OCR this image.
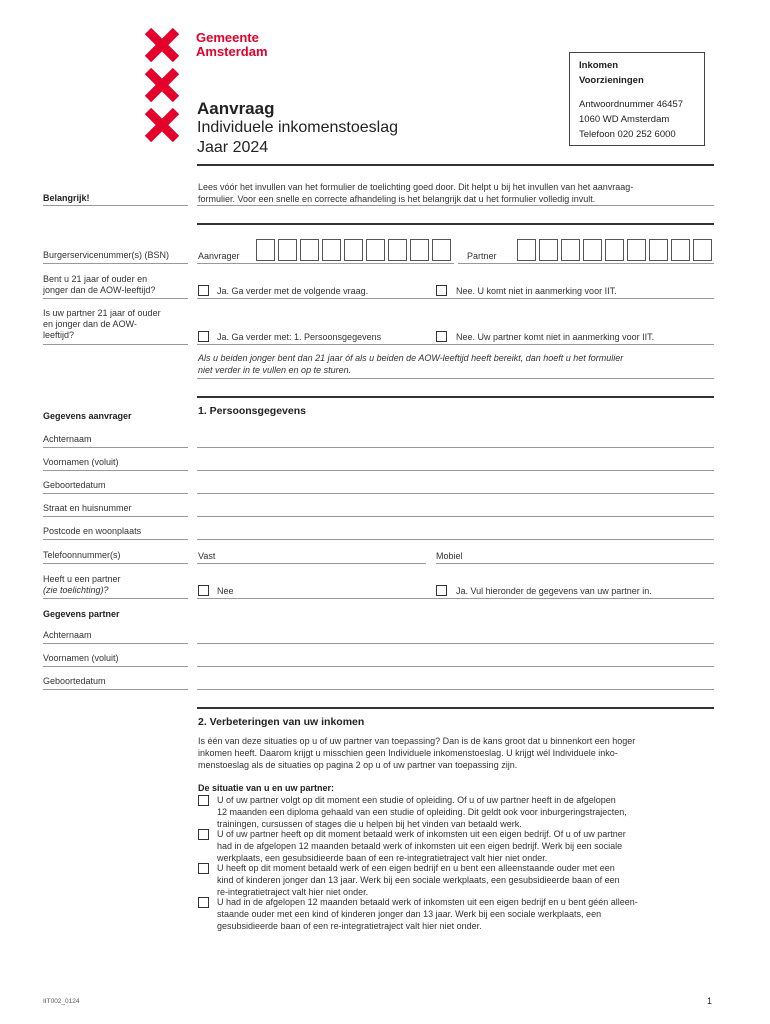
Gemeente
Amsterdam
Aanvraag
Individuele inkomenstoeslag
Jaar 2024
Inkomen
Voorzieningen
Antwoordnummer 46457
1060 WD Amsterdam
Telefoon 020 252 6000
Belangrijk!
Lees vóór het invullen van het formulier de toelichting goed door. Dit helpt u bij het invullen van het aanvraag-
formulier. Voor een snelle en correcte afhandeling is het belangrijk dat u het formulier volledig invult.
Burgerservicenummer(s) (BSN)	Aanvrager	Partner
Bent u 21 jaar of ouder en
jonger dan de AOW-leeftijd?	Ja. Ga verder met de volgende vraag.	Nee. U komt niet in aanmerking voor IIT.
Is uw partner 21 jaar of ouder
en jonger dan de AOW-
leeftijd?	Ja. Ga verder met: 1. Persoonsgegevens	Nee. Uw partner komt niet in aanmerking voor IIT.
Als u beiden jonger bent dan 21 jaar óf als u beiden de AOW-leeftijd heeft bereikt, dan hoeft u het formulier
niet verder in te vullen en op te sturen.
Gegevens aanvrager	1. Persoonsgegevens
Achternaam
Voornamen (voluit)
Geboortedatum
Straat en huisnummer
Postcode en woonplaats
Telefoonnummer(s)	Vast	Mobiel
Heeft u een partner
(zie toelichting)?	Nee	Ja. Vul hieronder de gegevens van uw partner in.
Gegevens partner
Achternaam
Voornamen (voluit)
Geboortedatum
2. Verbeteringen van uw inkomen
Is één van deze situaties op u of uw partner van toepassing? Dan is de kans groot dat u binnenkort een hoger
inkomen heeft. Daarom krijgt u misschien geen Individuele inkomenstoeslag. U krijgt wél Individuele inko-
menstoeslag als de situaties op pagina 2 op u of uw partner van toepassing zijn.
De situatie van u en uw partner:
U of uw partner volgt op dit moment een studie of opleiding. Of u of uw partner heeft in de afgelopen
12 maanden een diploma gehaald van een studie of opleiding. Dit geldt ook voor inburgeringstrajecten,
trainingen, cursussen of stages die u helpen bij het vinden van betaald werk.
U of uw partner heeft op dit moment betaald werk of inkomsten uit een eigen bedrijf. Of u of uw partner
had in de afgelopen 12 maanden betaald werk of inkomsten uit een eigen bedrijf. Werk bij een sociale
werkplaats, een gesubsidieerde baan of een re-integratietraject valt hier niet onder.
U heeft op dit moment betaald werk of een eigen bedrijf en u bent een alleenstaande ouder met een
kind of kinderen jonger dan 13 jaar. Werk bij een sociale werkplaats, een gesubsidieerde baan of een
re-integratietraject valt hier niet onder.
U had in de afgelopen 12 maanden betaald werk of inkomsten uit een eigen bedrijf en u bent géén alleen-
staande ouder met een kind of kinderen jonger dan 13 jaar. Werk bij een sociale werkplaats, een
gesubsidieerde baan of een re-integratietraject valt hier niet onder.
IIT002_0124	1
